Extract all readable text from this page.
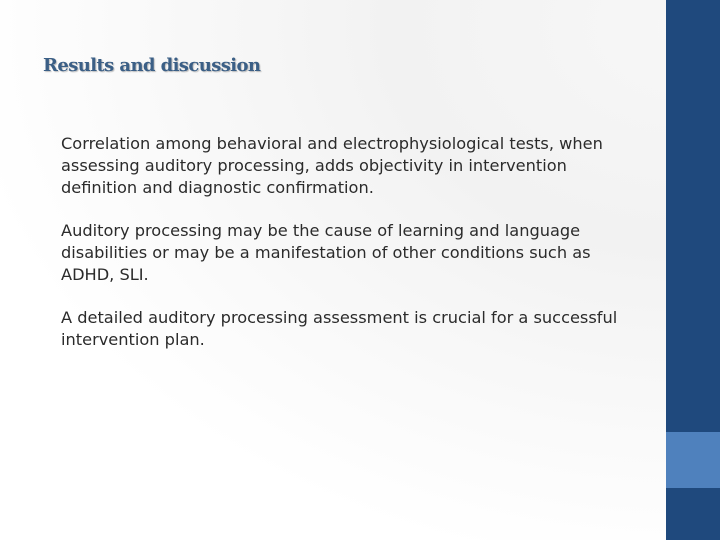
Results and discussion
Correlation among behavioral and electrophysiological tests, when assessing auditory processing, adds objectivity in intervention definition and diagnostic confirmation.
Auditory processing may be the cause of learning and language disabilities or may be a manifestation of other conditions such as ADHD, SLI.
A detailed auditory processing assessment is crucial for a successful intervention plan.
